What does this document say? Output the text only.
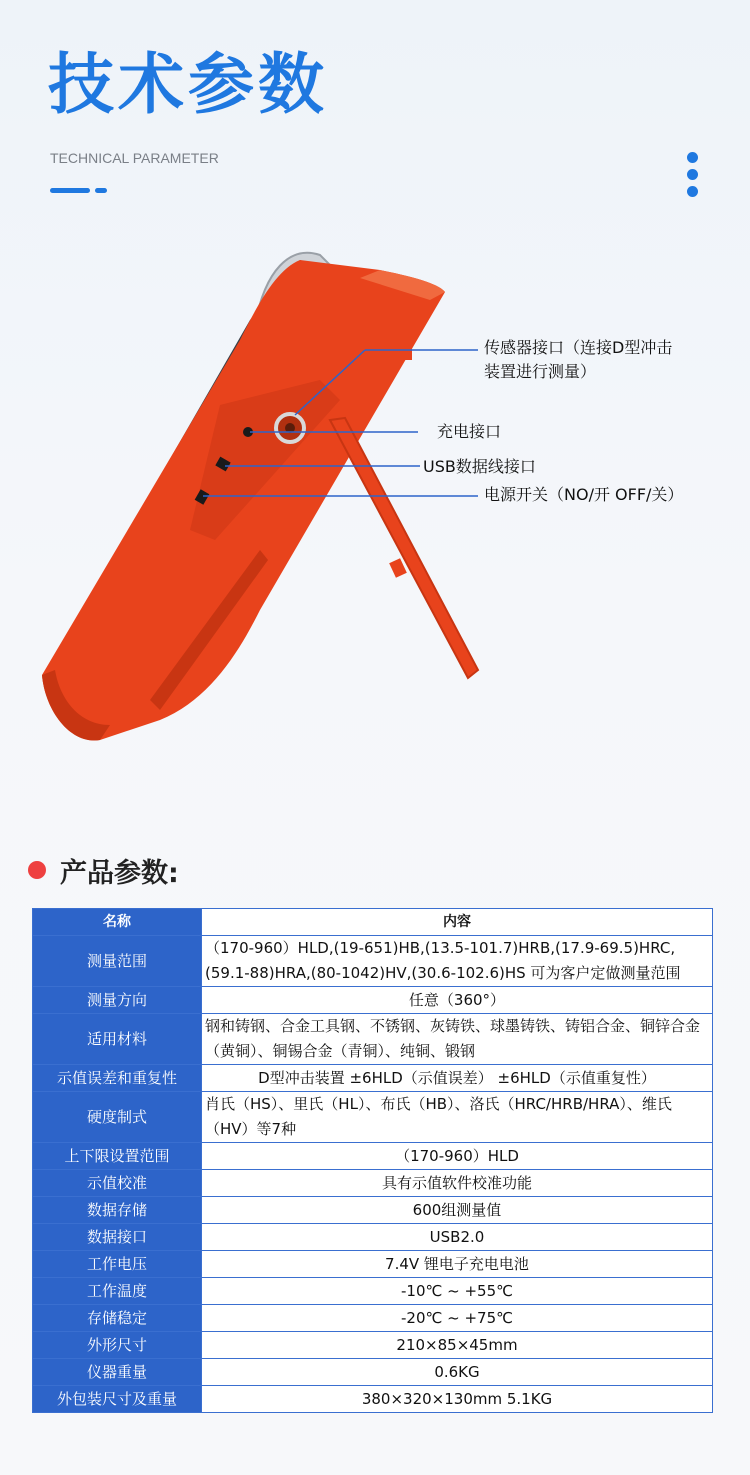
技术参数
TECHNICAL PARAMETER
传感器接口（连接D型冲击
装置进行测量）
充电接口
USB数据线接口
电源开关（NO/开 OFF/关）
产品参数:
名称	内容
测量范围	（170-960）HLD,(19-651)HB,(13.5-101.7)HRB,(17.9-69.5)HRC,(59.1-88)HRA,(80-1042)HV,(30.6-102.6)HS 可为客户定做测量范围
测量方向	任意（360°）
适用材料	钢和铸钢、合金工具钢、不锈钢、灰铸铁、球墨铸铁、铸铝合金、铜锌合金（黄铜）、铜锡合金（青铜）、纯铜、锻钢
示值误差和重复性	D型冲击装置 ±6HLD（示值误差） ±6HLD（示值重复性）
硬度制式	肖氏（HS）、里氏（HL）、布氏（HB）、洛氏（HRC/HRB/HRA）、维氏（HV）等7种
上下限设置范围	（170-960）HLD
示值校准	具有示值软件校准功能
数据存储	600组测量值
数据接口	USB2.0
工作电压	7.4V 锂电子充电电池
工作温度	-10℃ ~ +55℃
存储稳定	-20℃ ~ +75℃
外形尺寸	210×85×45mm
仪器重量	0.6KG
外包装尺寸及重量	380×320×130mm 5.1KG
